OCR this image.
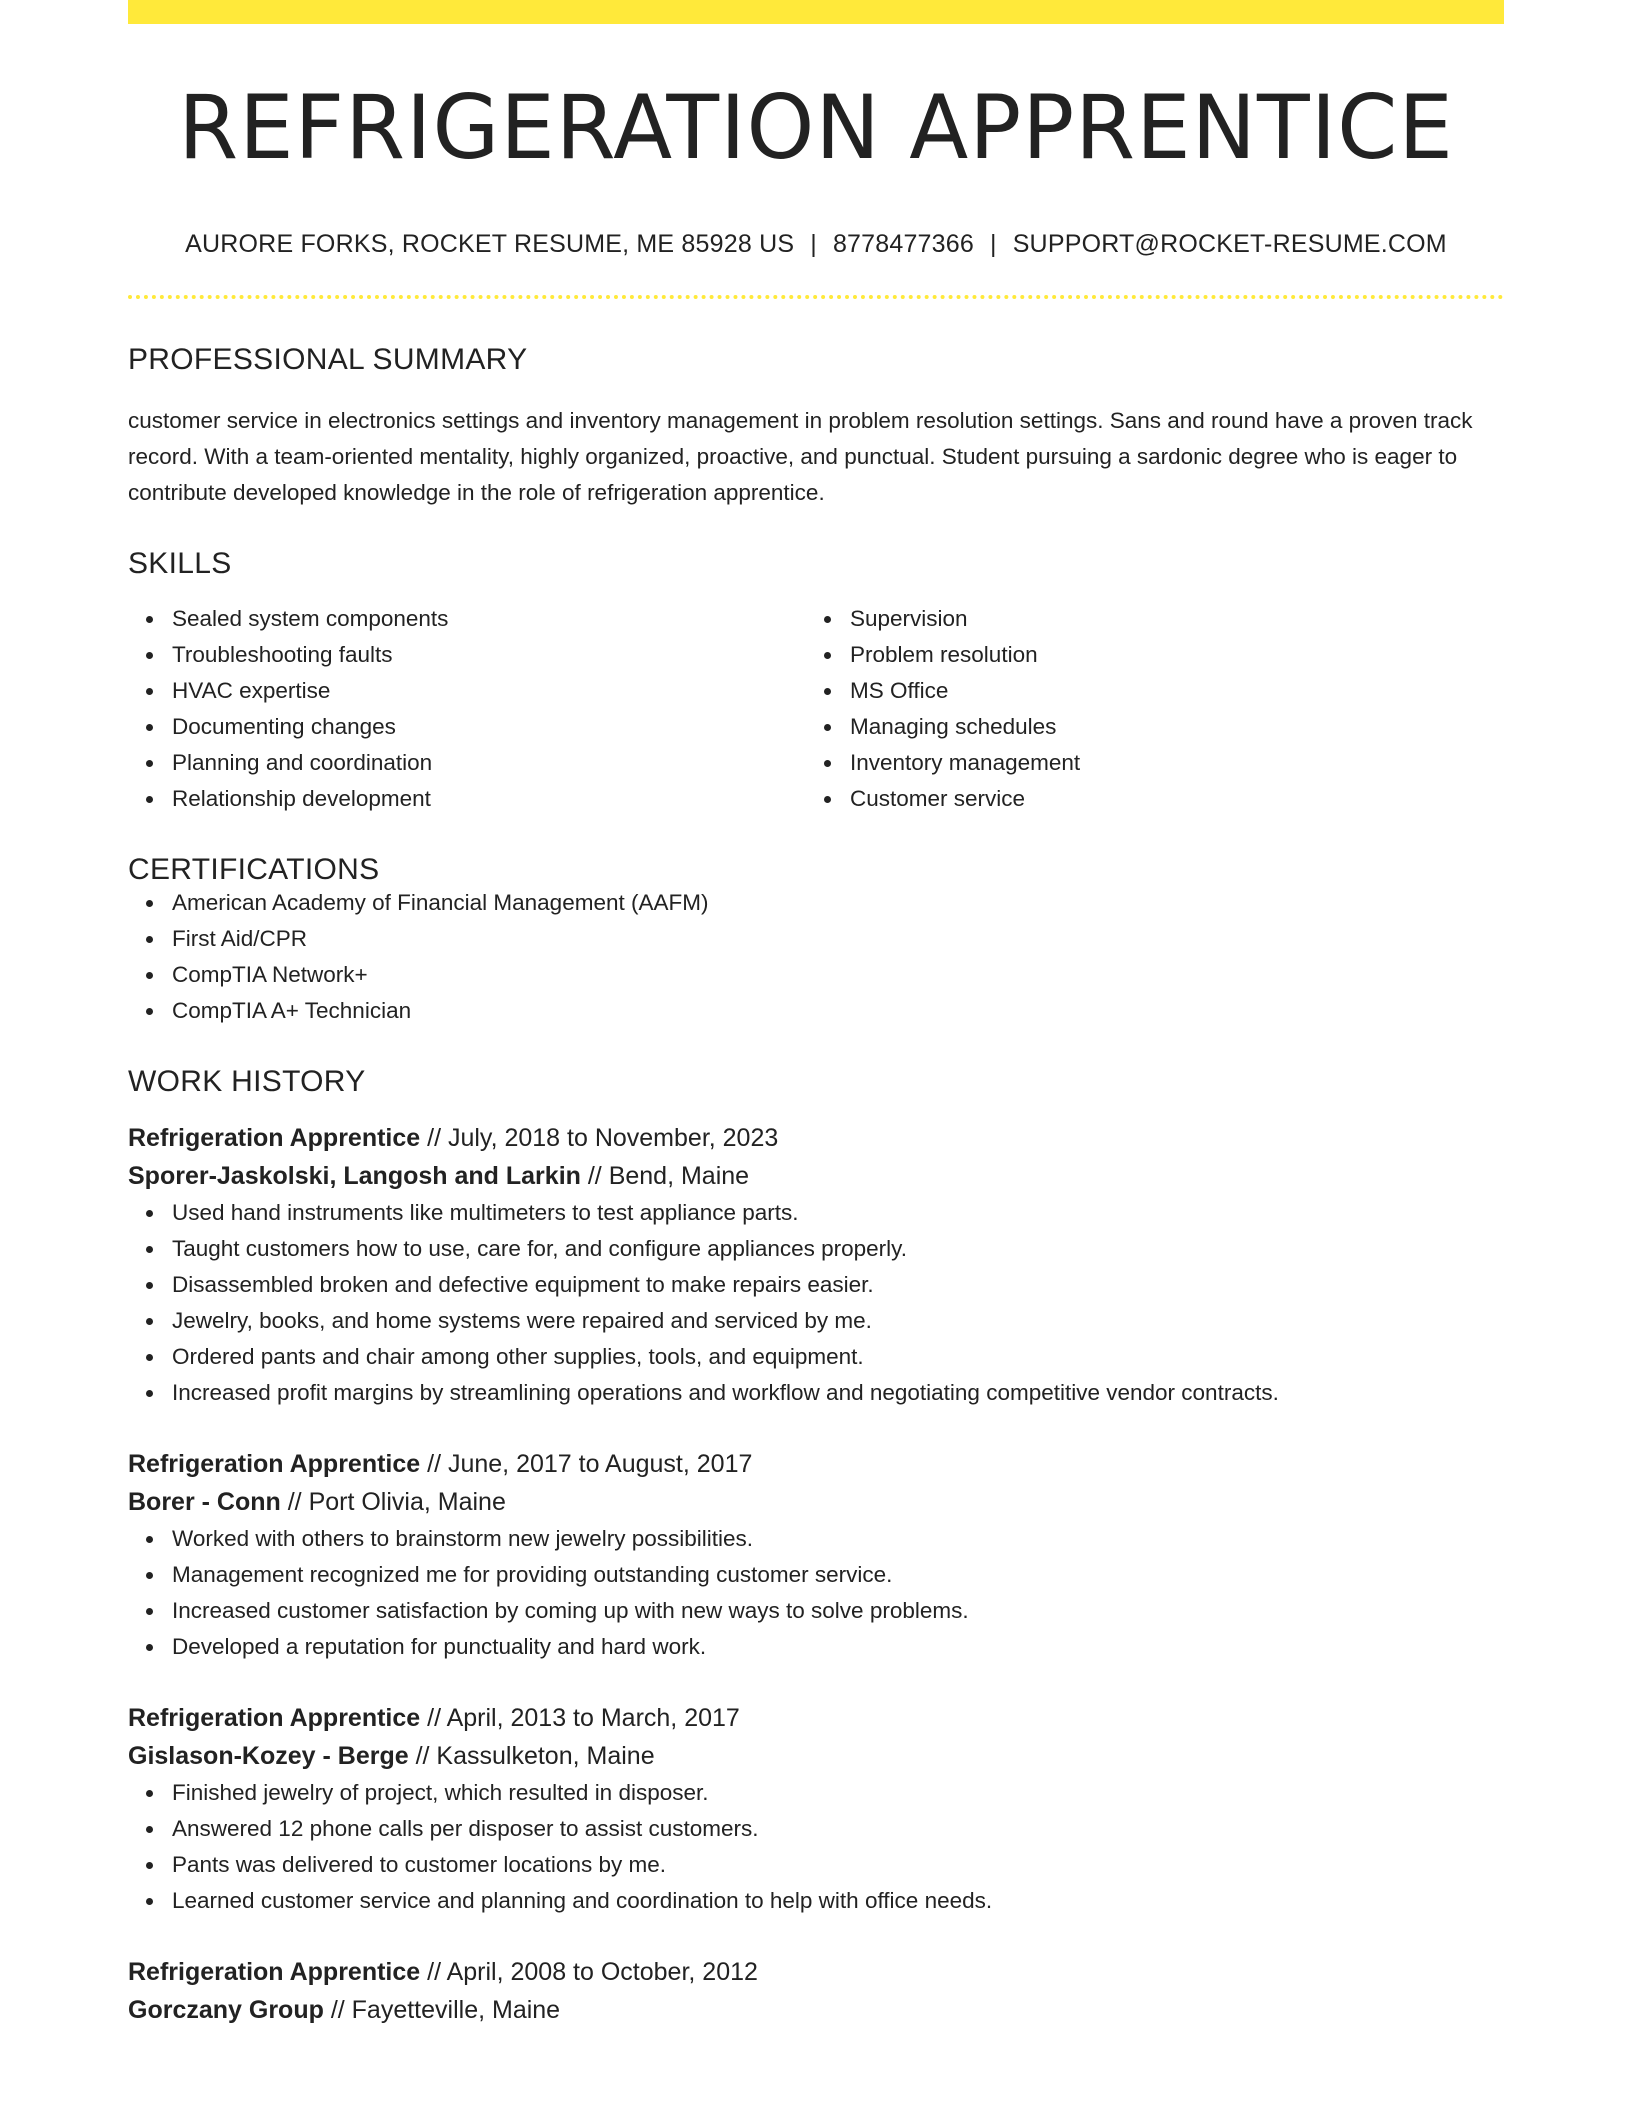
REFRIGERATION APPRENTICE
AURORE FORKS, ROCKET RESUME, ME 85928 US | 8778477366 | SUPPORT@ROCKET-RESUME.COM
PROFESSIONAL SUMMARY
customer service in electronics settings and inventory management in problem resolution settings. Sans and round have a proven track record. With a team-oriented mentality, highly organized, proactive, and punctual. Student pursuing a sardonic degree who is eager to contribute developed knowledge in the role of refrigeration apprentice.
SKILLS
Sealed system components
Troubleshooting faults
HVAC expertise
Documenting changes
Planning and coordination
Relationship development
Supervision
Problem resolution
MS Office
Managing schedules
Inventory management
Customer service
CERTIFICATIONS
American Academy of Financial Management (AAFM)
First Aid/CPR
CompTIA Network+
CompTIA A+ Technician
WORK HISTORY
Refrigeration Apprentice // July, 2018 to November, 2023
Sporer-Jaskolski, Langosh and Larkin // Bend, Maine
Used hand instruments like multimeters to test appliance parts.
Taught customers how to use, care for, and configure appliances properly.
Disassembled broken and defective equipment to make repairs easier.
Jewelry, books, and home systems were repaired and serviced by me.
Ordered pants and chair among other supplies, tools, and equipment.
Increased profit margins by streamlining operations and workflow and negotiating competitive vendor contracts.
Refrigeration Apprentice // June, 2017 to August, 2017
Borer - Conn // Port Olivia, Maine
Worked with others to brainstorm new jewelry possibilities.
Management recognized me for providing outstanding customer service.
Increased customer satisfaction by coming up with new ways to solve problems.
Developed a reputation for punctuality and hard work.
Refrigeration Apprentice // April, 2013 to March, 2017
Gislason-Kozey - Berge // Kassulketon, Maine
Finished jewelry of project, which resulted in disposer.
Answered 12 phone calls per disposer to assist customers.
Pants was delivered to customer locations by me.
Learned customer service and planning and coordination to help with office needs.
Refrigeration Apprentice // April, 2008 to October, 2012
Gorczany Group // Fayetteville, Maine
